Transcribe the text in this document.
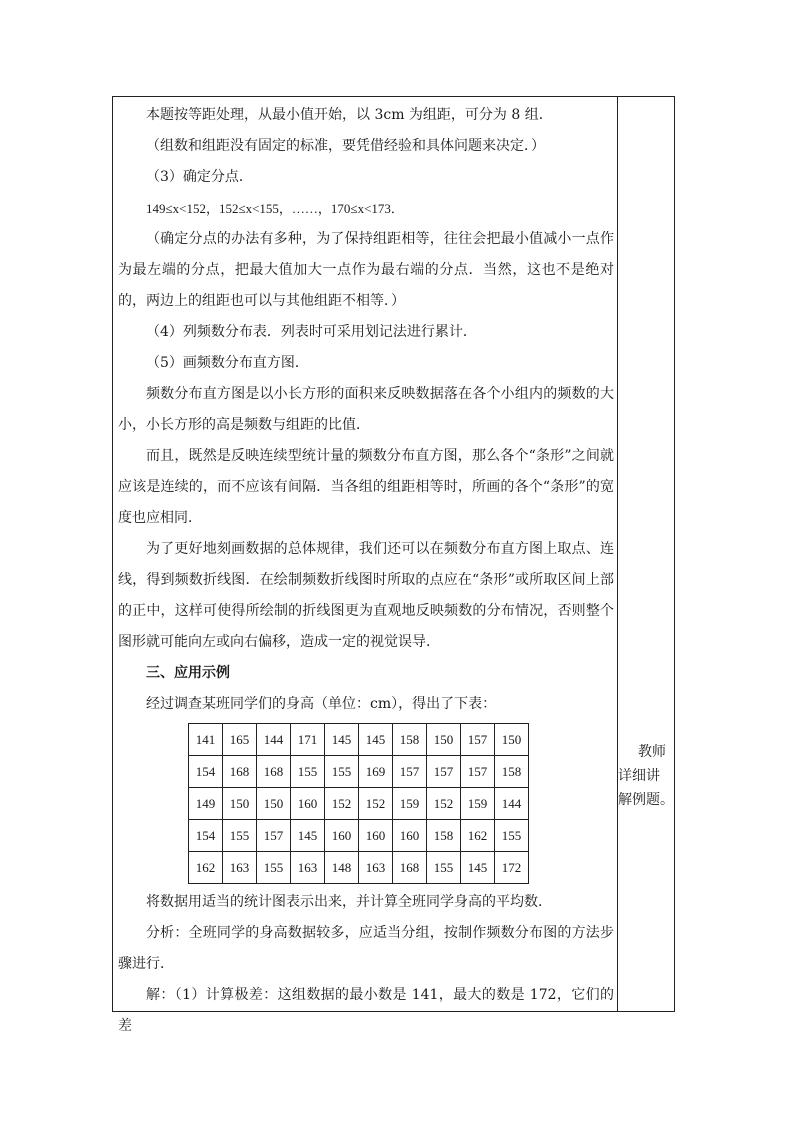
本题按等距处理，从最小值开始，以 3cm 为组距，可分为 8 组．

（组数和组距没有固定的标准，要凭借经验和具体问题来决定．）

（3）确定分点．

149≤x<152，152≤x<155，……，170≤x<173．

（确定分点的办法有多种，为了保持组距相等，往往会把最小值减小一点作为最左端的分点，把最大值加大一点作为最右端的分点．当然，这也不是绝对的，两边上的组距也可以与其他组距不相等．）

（4）列频数分布表．列表时可采用划记法进行累计．

（5）画频数分布直方图．

频数分布直方图是以小长方形的面积来反映数据落在各个小组内的频数的大小，小长方形的高是频数与组距的比值．

而且，既然是反映连续型统计量的频数分布直方图，那么各个“条形”之间就应该是连续的，而不应该有间隔．当各组的组距相等时，所画的各个“条形”的宽度也应相同．

为了更好地刻画数据的总体规律，我们还可以在频数分布直方图上取点、连线，得到频数折线图．在绘制频数折线图时所取的点应在“条形”或所取区间上部的正中，这样可使得所绘制的折线图更为直观地反映频数的分布情况，否则整个图形就可能向左或向右偏移，造成一定的视觉误导．

三、应用示例

经过调查某班同学们的身高（单位：cm），得出了下表：

141	165	144	171	145	145	158	150	157	150
154	168	168	155	155	169	157	157	157	158
149	150	150	160	152	152	159	152	159	144
154	155	157	145	160	160	160	158	162	155
162	163	155	163	148	163	168	155	145	172

将数据用适当的统计图表示出来，并计算全班同学身高的平均数．

分析：全班同学的身高数据较多，应适当分组，按制作频数分布图的方法步骤进行．

解：（1）计算极差：这组数据的最小数是 141，最大的数是 172，它们的差

教师
详细讲
解例题。
